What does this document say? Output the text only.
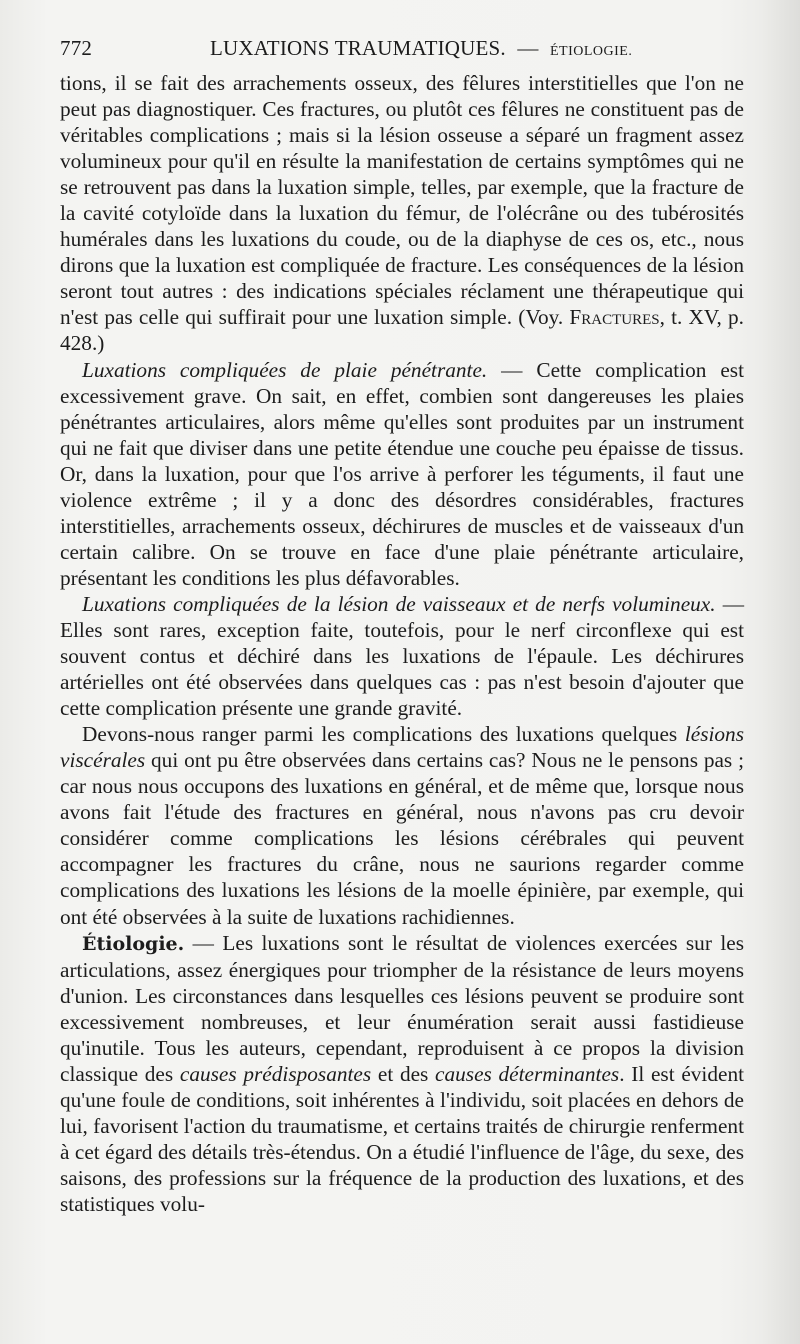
772	LUXATIONS TRAUMATIQUES. — ÉTIOLOGIE.

tions, il se fait des arrachements osseux, des fêlures interstitielles que l'on ne peut pas diagnostiquer. Ces fractures, ou plutôt ces fêlures ne constituent pas de véritables complications ; mais si la lésion osseuse a séparé un fragment assez volumineux pour qu'il en résulte la manifestation de certains symptômes qui ne se retrouvent pas dans la luxation simple, telles, par exemple, que la fracture de la cavité cotyloïde dans la luxation du fémur, de l'olécrâne ou des tubérosités humérales dans les luxations du coude, ou de la diaphyse de ces os, etc., nous dirons que la luxation est compliquée de fracture. Les conséquences de la lésion seront tout autres : des indications spéciales réclament une thérapeutique qui n'est pas celle qui suffirait pour une luxation simple. (Voy. Fractures, t. XV, p. 428.)

Luxations compliquées de plaie pénétrante. — Cette complication est excessivement grave. On sait, en effet, combien sont dangereuses les plaies pénétrantes articulaires, alors même qu'elles sont produites par un instrument qui ne fait que diviser dans une petite étendue une couche peu épaisse de tissus. Or, dans la luxation, pour que l'os arrive à perforer les téguments, il faut une violence extrême ; il y a donc des désordres considérables, fractures interstitielles, arrachements osseux, déchirures de muscles et de vaisseaux d'un certain calibre. On se trouve en face d'une plaie pénétrante articulaire, présentant les conditions les plus défavorables.

Luxations compliquées de la lésion de vaisseaux et de nerfs volumineux. — Elles sont rares, exception faite, toutefois, pour le nerf circonflexe qui est souvent contus et déchiré dans les luxations de l'épaule. Les déchirures artérielles ont été observées dans quelques cas : pas n'est besoin d'ajouter que cette complication présente une grande gravité.

Devons-nous ranger parmi les complications des luxations quelques lésions viscérales qui ont pu être observées dans certains cas? Nous ne le pensons pas ; car nous nous occupons des luxations en général, et de même que, lorsque nous avons fait l'étude des fractures en général, nous n'avons pas cru devoir considérer comme complications les lésions cérébrales qui peuvent accompagner les fractures du crâne, nous ne saurions regarder comme complications des luxations les lésions de la moelle épinière, par exemple, qui ont été observées à la suite de luxations rachidiennes.

Étiologie. — Les luxations sont le résultat de violences exercées sur les articulations, assez énergiques pour triompher de la résistance de leurs moyens d'union. Les circonstances dans lesquelles ces lésions peuvent se produire sont excessivement nombreuses, et leur énumération serait aussi fastidieuse qu'inutile. Tous les auteurs, cependant, reproduisent à ce propos la division classique des causes prédisposantes et des causes déterminantes. Il est évident qu'une foule de conditions, soit inhérentes à l'individu, soit placées en dehors de lui, favorisent l'action du traumatisme, et certains traités de chirurgie renferment à cet égard des détails très-étendus. On a étudié l'influence de l'âge, du sexe, des saisons, des professions sur la fréquence de la production des luxations, et des statistiques volu-
